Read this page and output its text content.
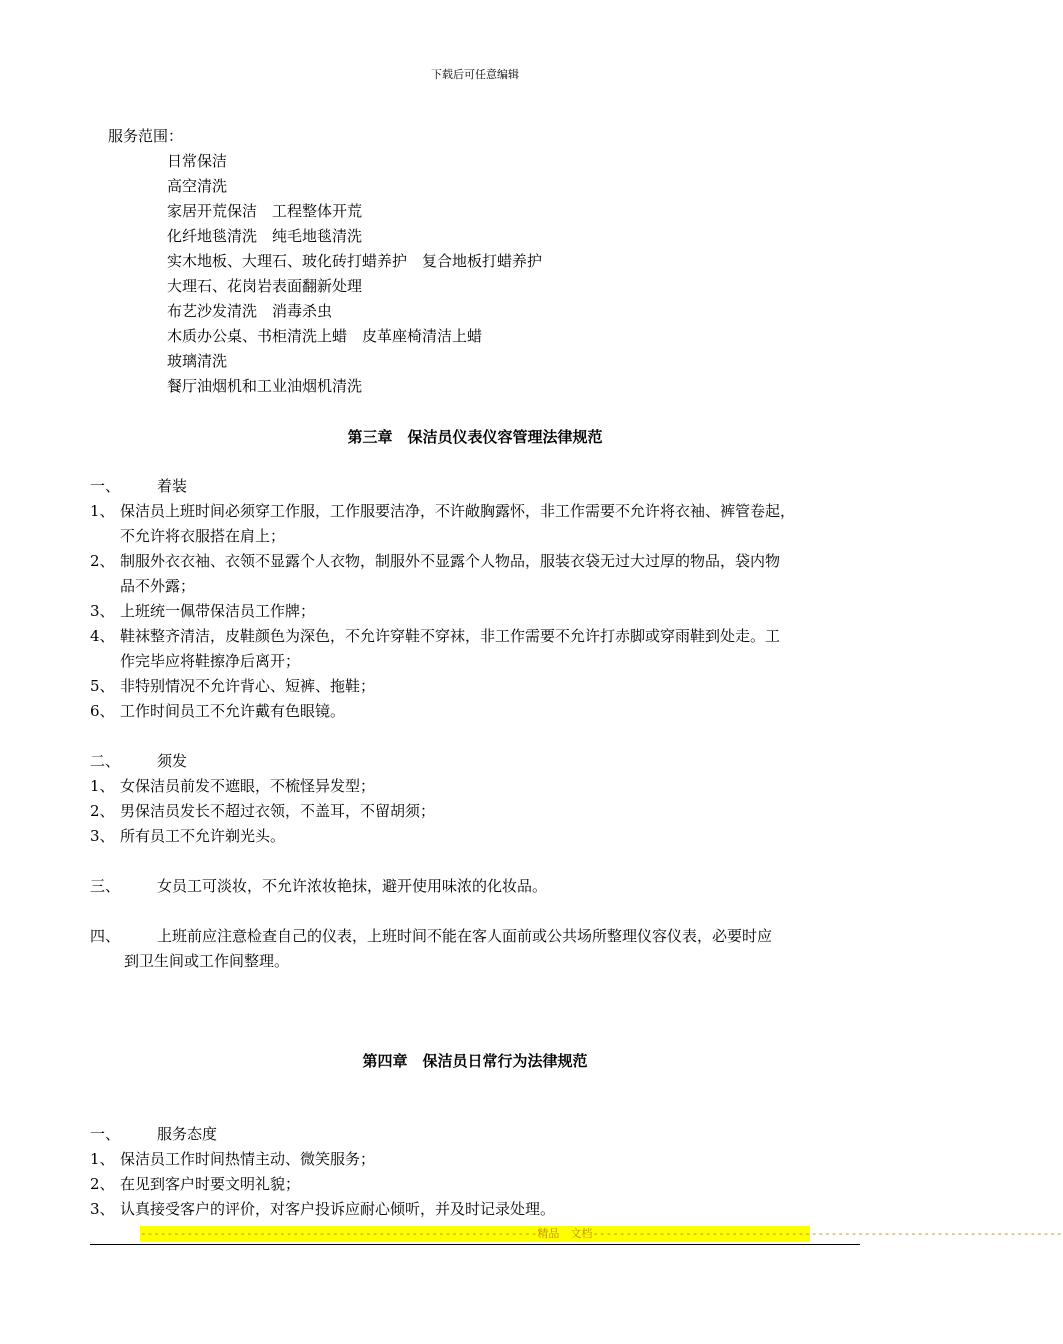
下载后可任意编辑
服务范围：
日常保洁
高空清洗
家居开荒保洁　工程整体开荒
化纤地毯清洗　纯毛地毯清洗
实木地板、大理石、玻化砖打蜡养护　复合地板打蜡养护
大理石、花岗岩表面翻新处理
布艺沙发清洗　消毒杀虫
木质办公桌、书柜清洗上蜡　皮革座椅清洁上蜡
玻璃清洗
餐厅油烟机和工业油烟机清洗
第三章　保洁员仪表仪容管理法律规范
一、 着装
1、 保洁员上班时间必须穿工作服，工作服要洁净，不许敞胸露怀，非工作需要不允许将衣袖、裤管卷起，
不允许将衣服搭在肩上；
2、 制服外衣衣袖、衣领不显露个人衣物，制服外不显露个人物品，服装衣袋无过大过厚的物品，袋内物
品不外露；
3、 上班统一佩带保洁员工作牌；
4、 鞋袜整齐清洁，皮鞋颜色为深色，不允许穿鞋不穿袜，非工作需要不允许打赤脚或穿雨鞋到处走。工
作完毕应将鞋擦净后离开；
5、 非特别情况不允许背心、短裤、拖鞋；
6、 工作时间员工不允许戴有色眼镜。
二、 须发
1、 女保洁员前发不遮眼，不梳怪异发型；
2、 男保洁员发长不超过衣领，不盖耳，不留胡须；
3、 所有员工不允许剃光头。
三、 女员工可淡妆，不允许浓妆艳抹，避开使用味浓的化妆品。
四、 上班前应注意检查自己的仪表，上班时间不能在客人面前或公共场所整理仪容仪表，必要时应
到卫生间或工作间整理。
第四章　保洁员日常行为法律规范
一、 服务态度
1、 保洁员工作时间热情主动、微笑服务；
2、 在见到客户时要文明礼貌；
3、 认真接受客户的评价，对客户投诉应耐心倾听，并及时记录处理。
------------------------------------------------------------精品　文档-----------------------------------------------------------------------
